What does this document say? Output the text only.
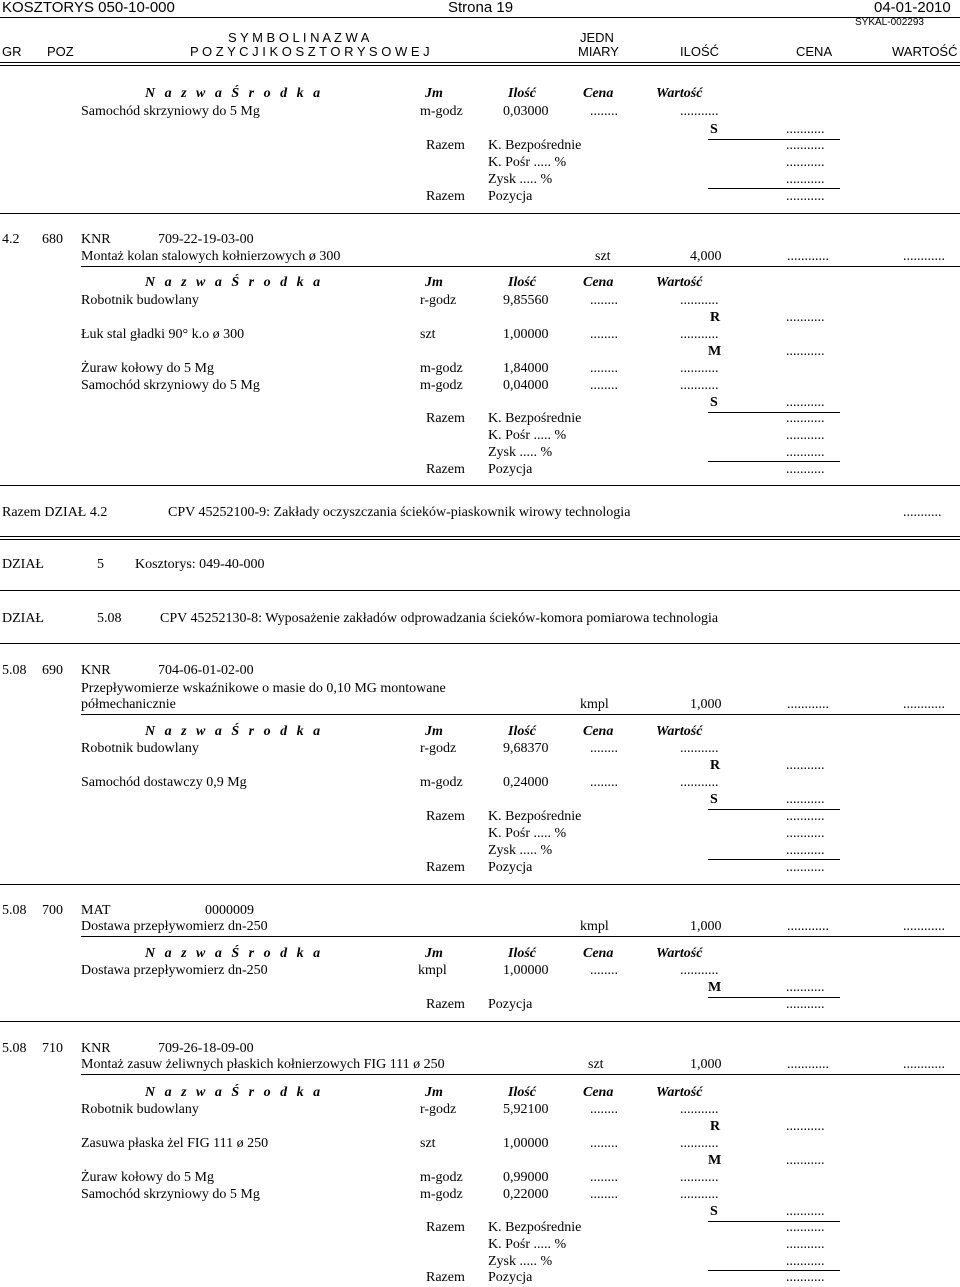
KOSZTORYS 050-10-000	Strona 19	04-01-2010
SYKAL-002293
S Y M B O L I N A Z W A	JEDN
GR POZ	P O Z Y C J I K O S Z T O R Y S O W E J	MIARY	ILOŚĆ	CENA	WARTOŚĆ
N a z w a Ś r o d k a	Jm	Ilość	Cena	Wartość
Samochód skrzyniowy do 5 Mg	m-godz	0,03000	........	...........
S	...........
Razem K. Bezpośrednie	...........
K. Pośr ..... %	...........
Zysk ..... %	...........
Razem Pozycja	...........
4.2 680 KNR	709-22-19-03-00
Montaż kolan stalowych kołnierzowych ø 300	szt	4,000	............	............
N a z w a Ś r o d k a	Jm	Ilość	Cena	Wartość
Robotnik budowlany	r-godz	9,85560	........	...........
R	...........
Łuk stal gładki 90° k.o ø 300	szt	1,00000	........	...........
M	...........
Żuraw kołowy do 5 Mg	m-godz	1,84000	........	...........
Samochód skrzyniowy do 5 Mg	m-godz	0,04000	........	...........
S	...........
Razem K. Bezpośrednie	...........
K. Pośr ..... %	...........
Zysk ..... %	...........
Razem Pozycja	...........
Razem DZIAŁ 4.2	CPV 45252100-9: Zakłady oczyszczania ścieków-piaskownik wirowy technologia	...........
DZIAŁ	5 Kosztorys: 049-40-000
DZIAŁ	5.08	CPV 45252130-8: Wyposażenie zakładów odprowadzania ścieków-komora pomiarowa technologia
5.08 690 KNR	704-06-01-02-00
Przepływomierze wskaźnikowe o masie do 0,10 MG montowane
półmechanicznie	kmpl	1,000	............	............
N a z w a Ś r o d k a	Jm	Ilość	Cena	Wartość
Robotnik budowlany	r-godz	9,68370	........	...........
R	...........
Samochód dostawczy 0,9 Mg	m-godz	0,24000	........	...........
S	...........
Razem K. Bezpośrednie	...........
K. Pośr ..... %	...........
Zysk ..... %	...........
Razem Pozycja	...........
5.08 700 MAT	0000009
Dostawa przepływomierz dn-250	kmpl	1,000	............	............
N a z w a Ś r o d k a	Jm	Ilość	Cena	Wartość
Dostawa przepływomierz dn-250	kmpl	1,00000	........	...........
M	...........
Razem Pozycja	...........
5.08 710 KNR	709-26-18-09-00
Montaż zasuw żeliwnych płaskich kołnierzowych FIG 111 ø 250	szt	1,000	............	............
N a z w a Ś r o d k a	Jm	Ilość	Cena	Wartość
Robotnik budowlany	r-godz	5,92100	........	...........
R	...........
Zasuwa płaska żel FIG 111 ø 250	szt	1,00000	........	...........
M	...........
Żuraw kołowy do 5 Mg	m-godz	0,99000	........	...........
Samochód skrzyniowy do 5 Mg	m-godz	0,22000	........	...........
S	...........
Razem K. Bezpośrednie	...........
K. Pośr ..... %	...........
Zysk ..... %	...........
Razem Pozycja	...........
